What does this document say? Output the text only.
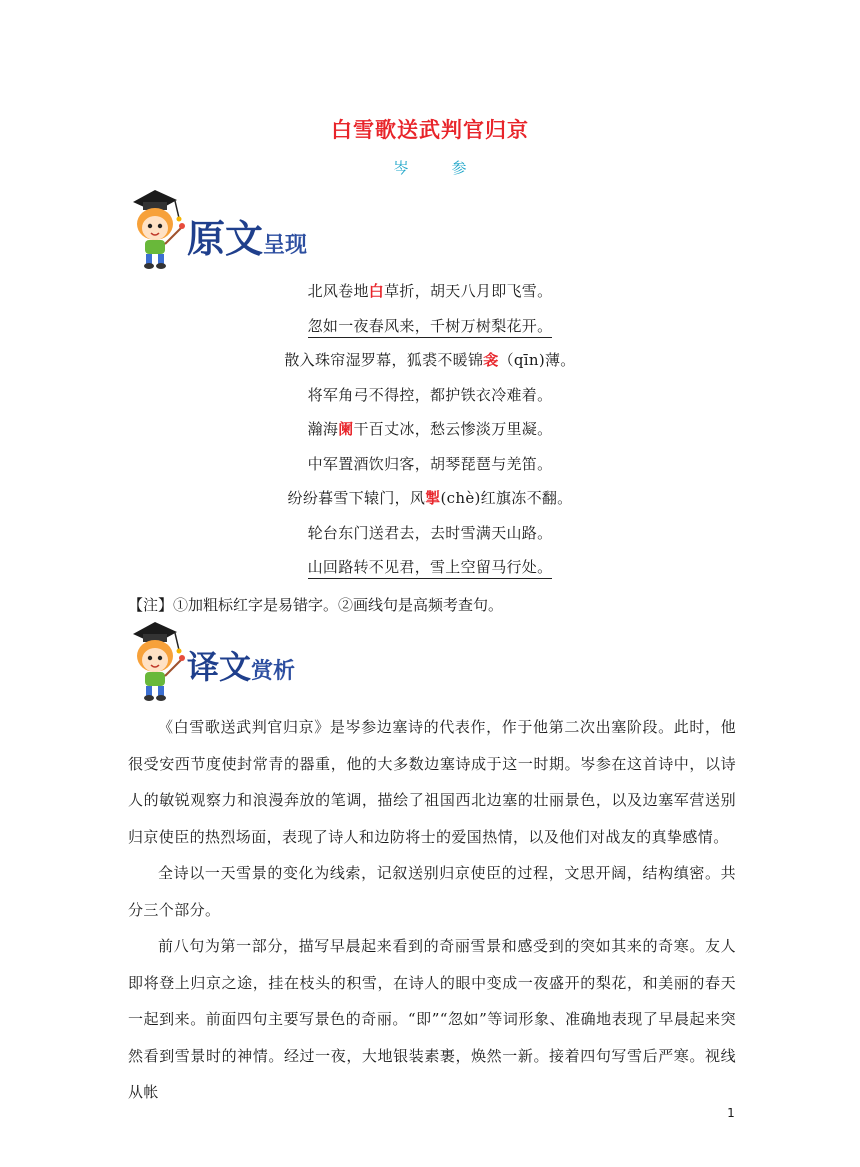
白雪歌送武判官归京
岑　参
原文呈现
北风卷地白草折，胡天八月即飞雪。
忽如一夜春风来，千树万树梨花开。
散入珠帘湿罗幕，狐裘不暖锦衾（qīn)薄。
将军角弓不得控，都护铁衣冷难着。
瀚海阑干百丈冰，愁云惨淡万里凝。
中军置酒饮归客，胡琴琵琶与羌笛。
纷纷暮雪下辕门，风掣(chè)红旗冻不翻。
轮台东门送君去，去时雪满天山路。
山回路转不见君，雪上空留马行处。
【注】①加粗标红字是易错字。②画线句是高频考查句。
译文赏析
《白雪歌送武判官归京》是岑参边塞诗的代表作，作于他第二次出塞阶段。此时，他很受安西节度使封常青的器重，他的大多数边塞诗成于这一时期。岑参在这首诗中，以诗人的敏锐观察力和浪漫奔放的笔调，描绘了祖国西北边塞的壮丽景色，以及边塞军营送别归京使臣的热烈场面，表现了诗人和边防将士的爱国热情，以及他们对战友的真挚感情。
全诗以一天雪景的变化为线索，记叙送别归京使臣的过程，文思开阔，结构缜密。共分三个部分。
前八句为第一部分，描写早晨起来看到的奇丽雪景和感受到的突如其来的奇寒。友人即将登上归京之途，挂在枝头的积雪，在诗人的眼中变成一夜盛开的梨花，和美丽的春天一起到来。前面四句主要写景色的奇丽。“即”“忽如”等词形象、准确地表现了早晨起来突然看到雪景时的神情。经过一夜，大地银装素裹，焕然一新。接着四句写雪后严寒。视线从帐
1
